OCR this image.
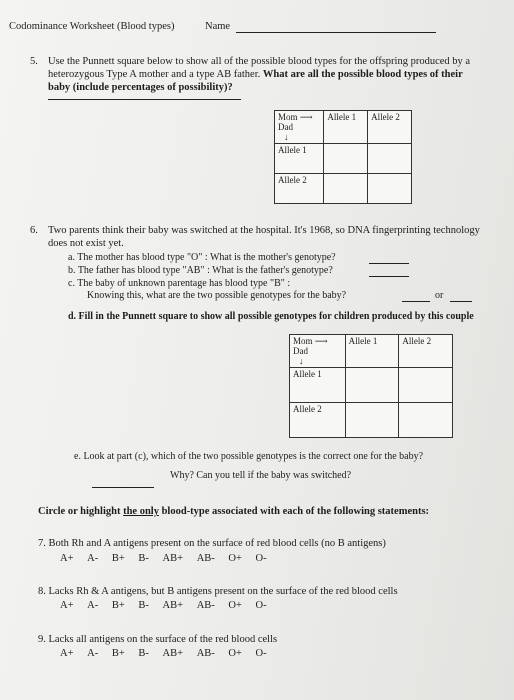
Codominance Worksheet (Blood types)	Name
5. Use the Punnett square below to show all of the possible blood types for the offspring produced by a
heterozygous Type A mother and a type AB father. What are all the possible blood types of their
baby (include percentages of possibility)?
Mom ⟶
Dad
↓	Allele 1	Allele 2
Allele 1		
Allele 2		
6. Two parents think their baby was switched at the hospital. It's 1968, so DNA fingerprinting technology
does not exist yet.
a. The mother has blood type "O" : What is the mother's genotype?
b. The father has blood type "AB" : What is the father's genotype?
c. The baby of unknown parentage has blood type "B" :
Knowing this, what are the two possible genotypes for the baby?	or
d. Fill in the Punnett square to show all possible genotypes for children produced by this couple
Mom ⟶
Dad
↓	Allele 1	Allele 2
Allele 1		
Allele 2		
e. Look at part (c), which of the two possible genotypes is the correct one for the baby?
Why? Can you tell if the baby was switched?
Circle or highlight the only blood-type associated with each of the following statements:
7. Both Rh and A antigens present on the surface of red blood cells (no B antigens)
A+ A- B+ B- AB+ AB- O+ O-
8. Lacks Rh & A antigens, but B antigens present on the surface of the red blood cells
A+ A- B+ B- AB+ AB- O+ O-
9. Lacks all antigens on the surface of the red blood cells
A+ A- B+ B- AB+ AB- O+ O-
